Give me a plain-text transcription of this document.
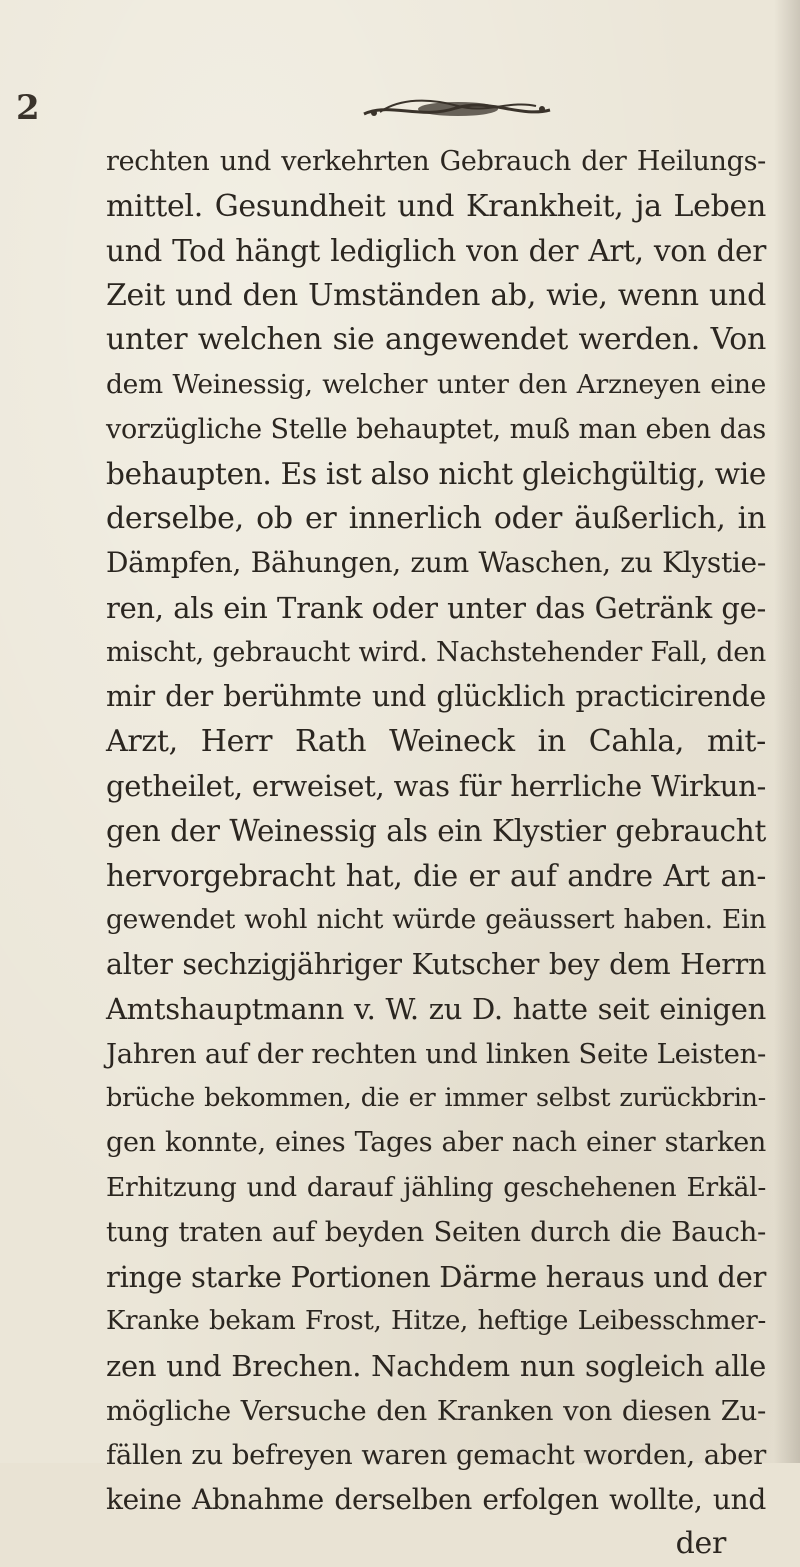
2
rechten und verkehrten Gebrauch der Heilungs-
mittel. Gesundheit und Krankheit, ja Leben
und Tod hängt lediglich von der Art, von der
Zeit und den Umständen ab, wie, wenn und
unter welchen sie angewendet werden. Von
dem Weinessig, welcher unter den Arzneyen eine
vorzügliche Stelle behauptet, muß man eben das
behaupten. Es ist also nicht gleichgültig, wie
derselbe, ob er innerlich oder äußerlich, in
Dämpfen, Bähungen, zum Waschen, zu Klystie-
ren, als ein Trank oder unter das Getränk ge-
mischt, gebraucht wird. Nachstehender Fall, den
mir der berühmte und glücklich practicirende
Arzt, Herr Rath Weineck in Cahla, mit-
getheilet, erweiset, was für herrliche Wirkun-
gen der Weinessig als ein Klystier gebraucht
hervorgebracht hat, die er auf andre Art an-
gewendet wohl nicht würde geäussert haben. Ein
alter sechzigjähriger Kutscher bey dem Herrn
Amtshauptmann v. W. zu D. hatte seit einigen
Jahren auf der rechten und linken Seite Leisten-
brüche bekommen, die er immer selbst zurückbrin-
gen konnte, eines Tages aber nach einer starken
Erhitzung und darauf jähling geschehenen Erkäl-
tung traten auf beyden Seiten durch die Bauch-
ringe starke Portionen Därme heraus und der
Kranke bekam Frost, Hitze, heftige Leibesschmer-
zen und Brechen. Nachdem nun sogleich alle
mögliche Versuche den Kranken von diesen Zu-
fällen zu befreyen waren gemacht worden, aber
keine Abnahme derselben erfolgen wollte, und
der
